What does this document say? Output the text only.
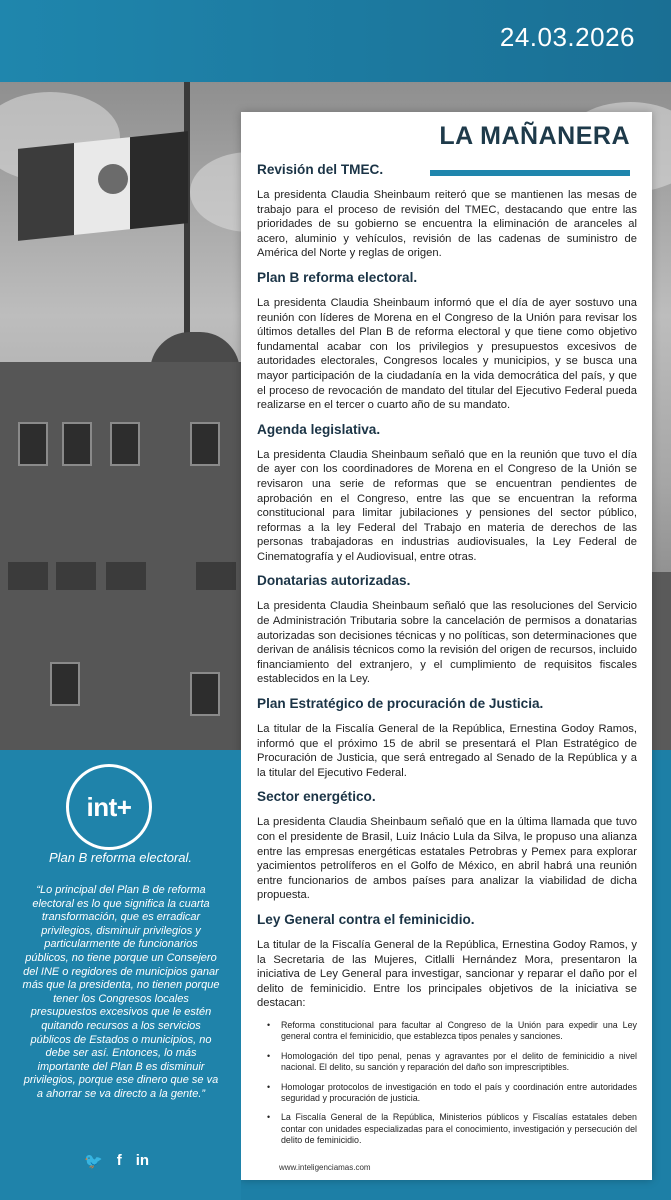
24.03.2026
LA MAÑANERA
Revisión del TMEC.

La presidenta Claudia Sheinbaum reiteró que se mantienen las mesas de trabajo para el proceso de revisión del TMEC, destacando que entre las prioridades de su gobierno se encuentra la eliminación de aranceles al acero, aluminio y vehículos, revisión de las cadenas de suministro de América del Norte y reglas de origen.

Plan B reforma electoral.

La presidenta Claudia Sheinbaum informó que el día de ayer sostuvo una reunión con líderes de Morena en el Congreso de la Unión para revisar los últimos detalles del Plan B de reforma electoral y que tiene como objetivo fundamental acabar con los privilegios y presupuestos excesivos de autoridades electorales, Congresos locales y municipios, y se busca una mayor participación de la ciudadanía en la vida democrática del país, y que el proceso de revocación de mandato del titular del Ejecutivo Federal pueda realizarse en el tercer o cuarto año de su mandato.

Agenda legislativa.

La presidenta Claudia Sheinbaum señaló que en la reunión que tuvo el día de ayer con los coordinadores de Morena en el Congreso de la Unión se revisaron una serie de reformas que se encuentran pendientes de aprobación en el Congreso, entre las que se encuentran la reforma constitucional para limitar jubilaciones y pensiones del sector público, reformas a la ley Federal del Trabajo en materia de derechos de las personas trabajadoras en industrias audiovisuales, la Ley Federal de Cinematografía y el Audiovisual, entre otras.

Donatarias autorizadas.

La presidenta Claudia Sheinbaum señaló que las resoluciones del Servicio de Administración Tributaria sobre la cancelación de permisos a donatarias autorizadas son decisiones técnicas y no políticas, son determinaciones que derivan de análisis técnicos como la revisión del origen de recursos, incluido financiamiento del extranjero, y el cumplimiento de requisitos fiscales establecidos en la Ley.

Plan Estratégico de procuración de Justicia.

La titular de la Fiscalía General de la República, Ernestina Godoy Ramos, informó que el próximo 15 de abril se presentará el Plan Estratégico de Procuración de Justicia, que será entregado al Senado de la República y a la titular del Ejecutivo Federal.

Sector energético.

La presidenta Claudia Sheinbaum señaló que en la última llamada que tuvo con el presidente de Brasil, Luiz Inácio Lula da Silva, le propuso una alianza entre las empresas energéticas estatales Petrobras y Pemex para explorar yacimientos petrolíferos en el Golfo de México, en abril habrá una reunión entre funcionarios de ambos países para analizar la viabilidad de dicha propuesta.

Ley General contra el feminicidio.

La titular de la Fiscalía General de la República, Ernestina Godoy Ramos, y la Secretaria de las Mujeres, Citlalli Hernández Mora, presentaron la iniciativa de Ley General para investigar, sancionar y reparar el daño por el delito de feminicidio. Entre los principales objetivos de la iniciativa se destacan:

• Reforma constitucional para facultar al Congreso de la Unión para expedir una Ley general contra el feminicidio, que establezca tipos penales y sanciones.
• Homologación del tipo penal, penas y agravantes por el delito de feminicidio a nivel nacional. El delito, su sanción y reparación del daño son imprescriptibles.
• Homologar protocolos de investigación en todo el país y coordinación entre autoridades seguridad y procuración de justicia.
• La Fiscalía General de la República, Ministerios públicos y Fiscalías estatales deben contar con unidades especializadas para el conocimiento, investigación y persecución del delito de feminicidio.
www.inteligenciamas.com
int+
Plan B reforma electoral.
“Lo principal del Plan B de reforma electoral es lo que significa la cuarta transformación, que es erradicar privilegios, disminuir privilegios y particularmente de funcionarios públicos, no tiene porque un Consejero del INE o regidores de municipios ganar más que la presidenta, no tienen porque tener los Congresos locales presupuestos excesivos que le estén quitando recursos a los servicios públicos de Estados o municipios, no debe ser así. Entonces, lo más importante del Plan B es disminuir privilegios, porque ese dinero que se va a ahorrar se va directo a la gente.”
🐦 f in
